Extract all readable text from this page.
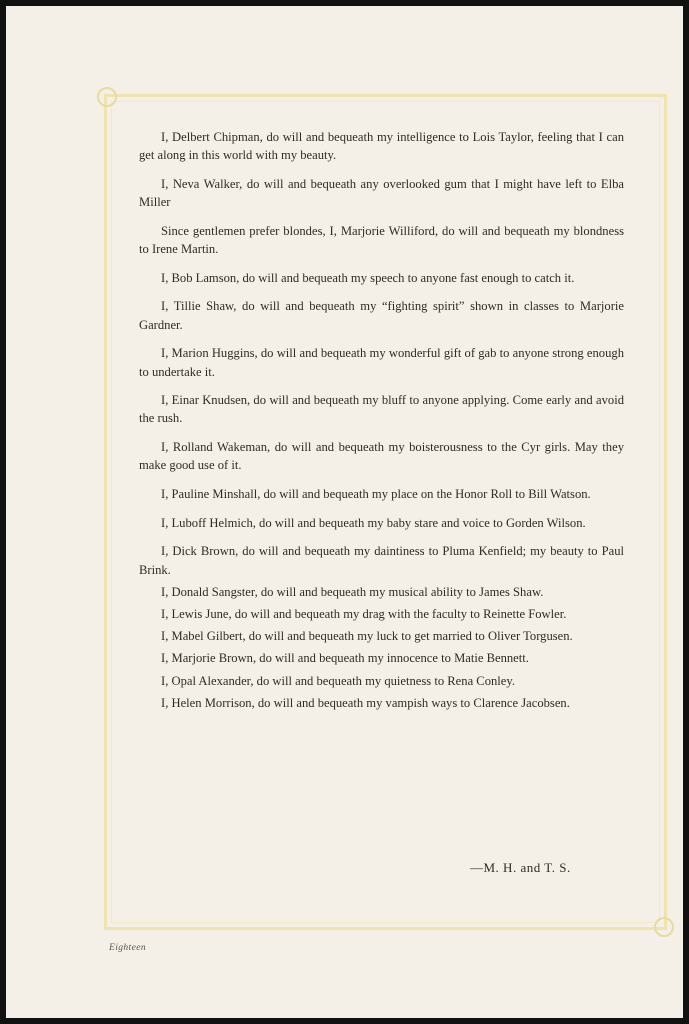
I, Delbert Chipman, do will and bequeath my intelligence to Lois Taylor, feeling that I can get along in this world with my beauty.
I, Neva Walker, do will and bequeath any overlooked gum that I might have left to Elba Miller
Since gentlemen prefer blondes, I, Marjorie Williford, do will and bequeath my blondness to Irene Martin.
I, Bob Lamson, do will and bequeath my speech to anyone fast enough to catch it.
I, Tillie Shaw, do will and bequeath my “fighting spirit” shown in classes to Marjorie Gardner.
I, Marion Huggins, do will and bequeath my wonderful gift of gab to anyone strong enough to undertake it.
I, Einar Knudsen, do will and bequeath my bluff to anyone applying. Come early and avoid the rush.
I, Rolland Wakeman, do will and bequeath my boisterousness to the Cyr girls. May they make good use of it.
I, Pauline Minshall, do will and bequeath my place on the Honor Roll to Bill Watson.
I, Luboff Helmich, do will and bequeath my baby stare and voice to Gorden Wilson.
I, Dick Brown, do will and bequeath my daintiness to Pluma Kenfield; my beauty to Paul Brink.
I, Donald Sangster, do will and bequeath my musical ability to James Shaw.
I, Lewis June, do will and bequeath my drag with the faculty to Reinette Fowler.
I, Mabel Gilbert, do will and bequeath my luck to get married to Oliver Torgusen.
I, Marjorie Brown, do will and bequeath my innocence to Matie Bennett.
I, Opal Alexander, do will and bequeath my quietness to Rena Conley.
I, Helen Morrison, do will and bequeath my vampish ways to Clarence Jacobsen.
—M. H. and T. S.
Eighteen
